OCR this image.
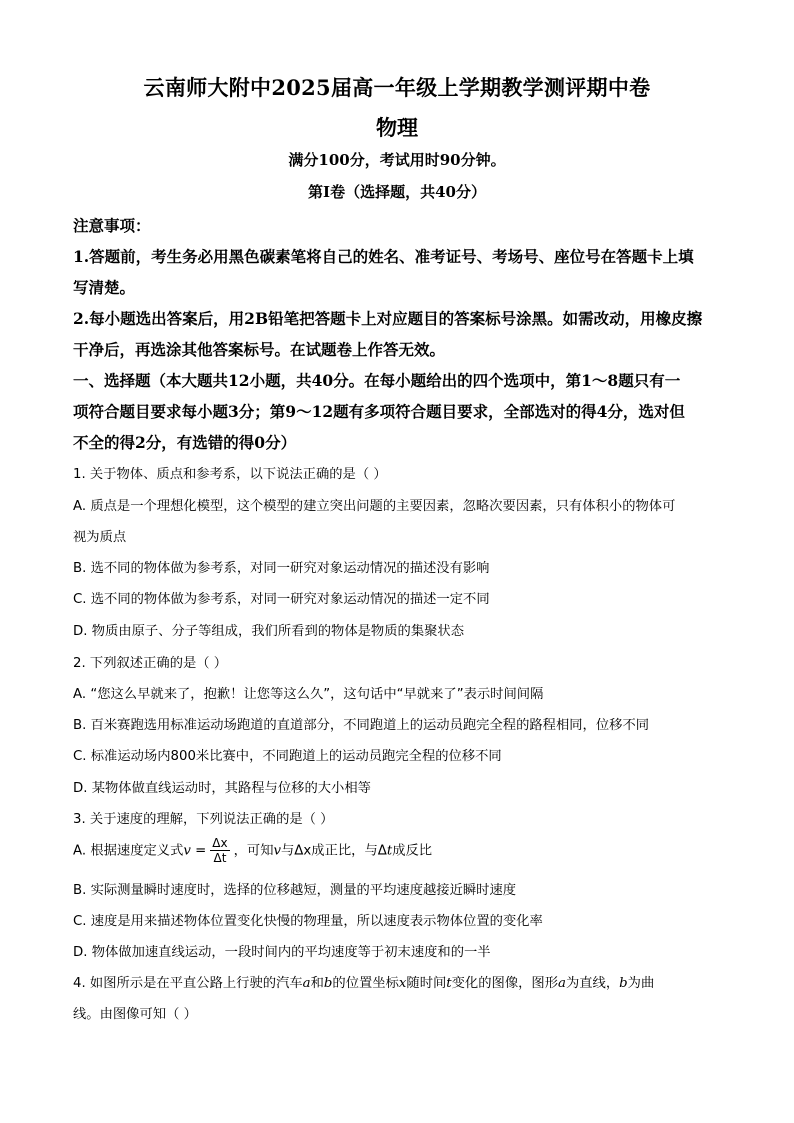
云南师大附中2025届高一年级上学期教学测评期中卷
物理
满分100分，考试用时90分钟。
第Ⅰ卷（选择题，共40分）
注意事项：
1.答题前，考生务必用黑色碳素笔将自己的姓名、准考证号、考场号、座位号在答题卡上填
写清楚。
2.每小题选出答案后，用2B铅笔把答题卡上对应题目的答案标号涂黑。如需改动，用橡皮擦
干净后，再选涂其他答案标号。在试题卷上作答无效。
一、选择题（本大题共12小题，共40分。在每小题给出的四个选项中，第1～8题只有一
项符合题目要求每小题3分；第9～12题有多项符合题目要求，全部选对的得4分，选对但
不全的得2分，有选错的得0分）
1. 关于物体、质点和参考系，以下说法正确的是（ ）
A. 质点是一个理想化模型，这个模型的建立突出问题的主要因素，忽略次要因素，只有体积小的物体可
视为质点
B. 选不同的物体做为参考系，对同一研究对象运动情况的描述没有影响
C. 选不同的物体做为参考系，对同一研究对象运动情况的描述一定不同
D. 物质由原子、分子等组成，我们所看到的物体是物质的集聚状态
2. 下列叙述正确的是（ ）
A. “您这么早就来了，抱歉！让您等这么久”，这句话中“早就来了”表示时间间隔
B. 百米赛跑选用标准运动场跑道的直道部分，不同跑道上的运动员跑完全程的路程相同，位移不同
C. 标准运动场内800米比赛中，不同跑道上的运动员跑完全程的位移不同
D. 某物体做直线运动时，其路程与位移的大小相等
3. 关于速度的理解，下列说法正确的是（ ）
A. 根据速度定义式$v = \frac{\Delta x}{\Delta t}$ ，可知v与Δx成正比，与Δt成反比
B. 实际测量瞬时速度时，选择的位移越短，测量的平均速度越接近瞬时速度
C. 速度是用来描述物体位置变化快慢的物理量，所以速度表示物体位置的变化率
D. 物体做加速直线运动，一段时间内的平均速度等于初末速度和的一半
4. 如图所示是在平直公路上行驶的汽车a和b的位置坐标x随时间t变化的图像，图形a为直线，b为曲
线。由图像可知（ ）
